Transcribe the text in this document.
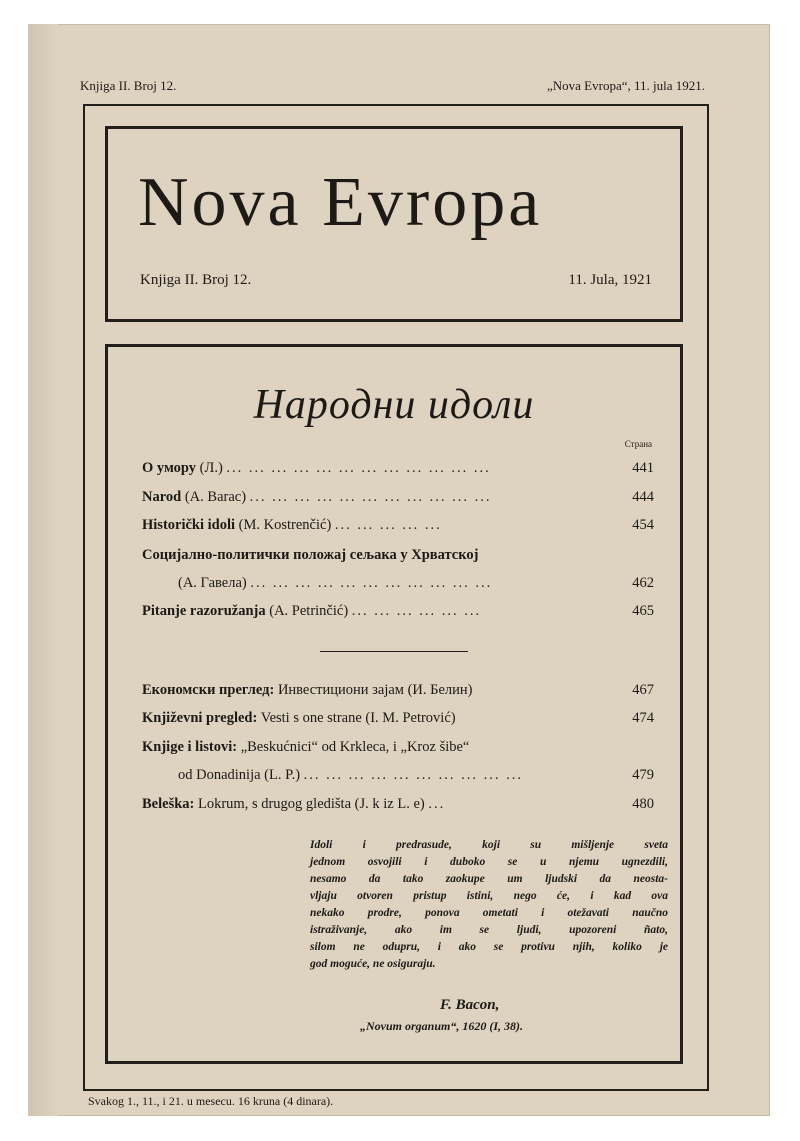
Knjiga II. Broj 12.	„Nova Evropa“, 11. jula 1921.
Nova Evropa
Knjiga II. Broj 12.	11. Jula, 1921
Народни идоли
Страна
О умору (Л.) ... ... ... ... ... ... ... ... ... ... ... ...	441
Narod (A. Barac) ... ... ... ... ... ... ... ... ... ... ...	444
Historički idoli (M. Kostrenčić) ... ... ... ... ...	454
Социјално-политички положај сељака у Хрватској
(А. Гавела) ... ... ... ... ... ... ... ... ... ... ...	462
Pitanje razoružanja (A. Petrinčić) ... ... ... ... ... ...	465
Економски преглед: Инвестициони зајам (И. Белин)	467
Književni pregled: Vesti s one strane (I. M. Petrović)	474
Knjige i listovi: „Beskućnici“ od Krkleca, i „Kroz šibe“
od Donadinija (L. P.) ... ... ... ... ... ... ... ... ... ...	479
Beleška: Lokrum, s drugog gledišta (J. k iz L. e) ...	480
Idoli i predrasude, koji su mišljenje sveta
jednom osvojili i duboko se u njemu ugnezdili,
nesamo da tako zaokupe um ljudski da neosta-
vljaju otvoren pristup istini, nego će, i kad ova
nekako prodre, ponova ometati i otežavati naučno
istraživanje, ako im se ljudi, upozoreni ñato,
silom ne odupru, i ako se protivu njih, koliko je
god moguće, ne osiguraju.
F. Bacon,
„Novum organum“, 1620 (I, 38).
Svakog 1., 11., i 21. u mesecu. 16 kruna (4 dinara).
